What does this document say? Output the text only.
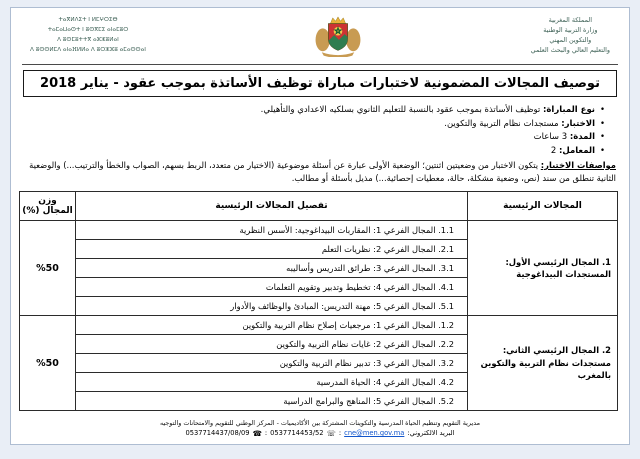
المملكة المغربية
وزارة التربية الوطنية
والتكوين المهني
والتعليم العالي والبحث العلمي
ⵜⴰⴳⵍⴷⵉⵜ ⵏ ⵍⵎⵖⵔⵉⴱ
ⵜⴰⵎⴰⵡⴰⵙⵜ ⵏ ⵓⵙⴳⵎⵉ ⴰⵏⴰⵎⵓⵔ
ⴷ ⵓⵙⵎⵓⵜⵜⴳ ⴰⵣⵣⵓⵍⴰⵏ
ⴷ ⵓⵙⵙⵍⵎⴷ ⴰⵏⴰⴼⵍⵍⴰ ⴷ ⵓⵔⵣⵣⵓ ⴰⵎⴰⵙⵙⴰⵏ
توصيف المجالات المضمونية لاختبارات مباراة توظيف الأساتذة بموجب عقود - يناير 2018
• نوع المباراة: توظيف الأساتذة بموجب عقود بالنسبة للتعليم الثانوي بسلكيه الاعدادي والتأهيلي.
• الاختبار: مستجدات نظام التربية والتكوين.
• المدة: 3 ساعات
• المعامل: 2

مواصفات الاختبار: يتكون الاختبار من وضعيتين اثنتين؛ الوضعية الأولى عبارة عن أسئلة موضوعية (الاختيار من متعدد، الربط بسهم، الصواب والخطأ والترتيب...) والوضعية الثانية تنطلق من سند (نص، وضعية مشكلة، حالة، معطيات إحصائية...) مذيل بأسئلة أو مطالب.

المجالات الرئيسية	تفصيل المجالات الرئيسية	وزن المجال (%)

1. المجال الرئيسي الأول:
المستجدات البيداغوجية	1.1. المجال الفرعي 1: المقاربات البيداغوجية: الأسس النظرية	%50
	2.1. المجال الفرعي 2: نظريات التعلم	
	3.1. المجال الفرعي 3: طرائق التدريس وأساليبه	
	4.1. المجال الفرعي 4: تخطيط وتدبير وتقويم التعلمات	
	5.1. المجال الفرعي 5: مهنة التدريس: المبادئ والوظائف والأدوار	

2. المجال الرئيسي الثاني:
مستجدات نظام التربية والتكوين بالمغرب	1.2. المجال الفرعي 1: مرجعيات إصلاح نظام التربية والتكوين	%50
	2.2. المجال الفرعي 2: غايات نظام التربية والتكوين	
	3.2. المجال الفرعي 3: تدبير نظام التربية والتكوين	
	4.2. المجال الفرعي 4: الحياة المدرسية	
	5.2. المجال الفرعي 5: المناهج والبرامج الدراسية	
مديرية التقويم وتنظيم الحياة المدرسية والتكوينات المشتركة بين الأكاديميات - المركز الوطني للتقويم والامتحانات والتوجيه
البريد الالكتروني:
cne@men.gov.ma
:
☏
0537714453/52
:
☎
0537714437/08/09
